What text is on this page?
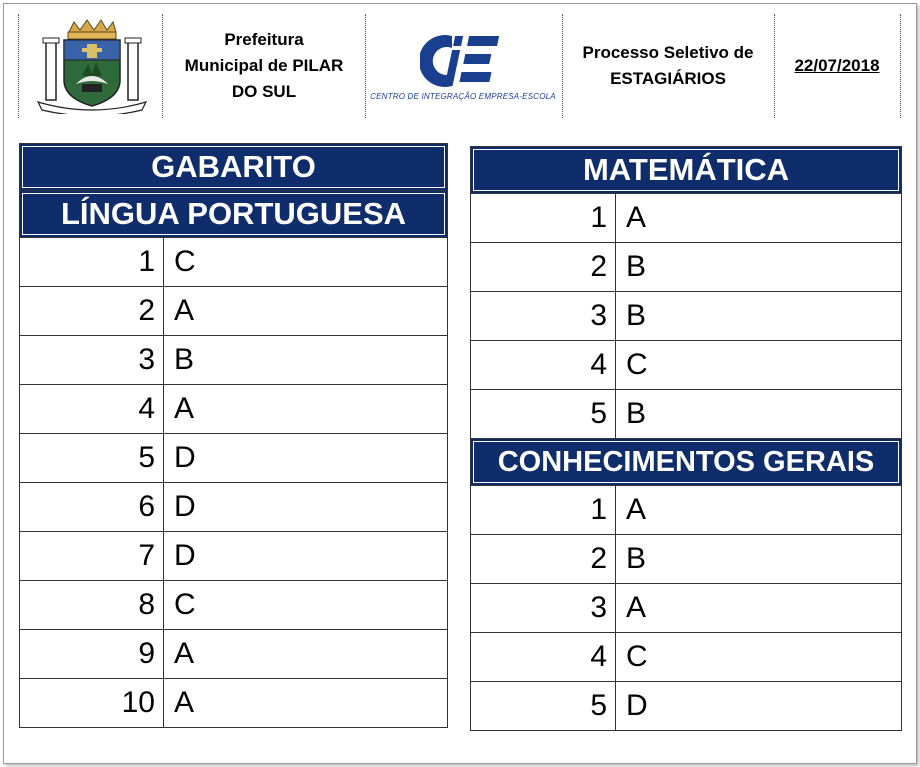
Prefeitura
Municipal de PILAR
DO SUL	CENTRO DE INTEGRAÇÃO EMPRESA-ESCOLA
Processo Seletivo de
ESTAGIÁRIOS
22/07/2018
GABARITO	
LÍNGUA PORTUGUESA	
1	C
2	A
3	B
4	A
5	D
6	D
7	D
8	C
9	A
10	A
MATEMÁTICA	
1	A
2	B
3	B
4	C
5	B
CONHECIMENTOS GERAIS	
1	A
2	B
3	A
4	C
5	D
